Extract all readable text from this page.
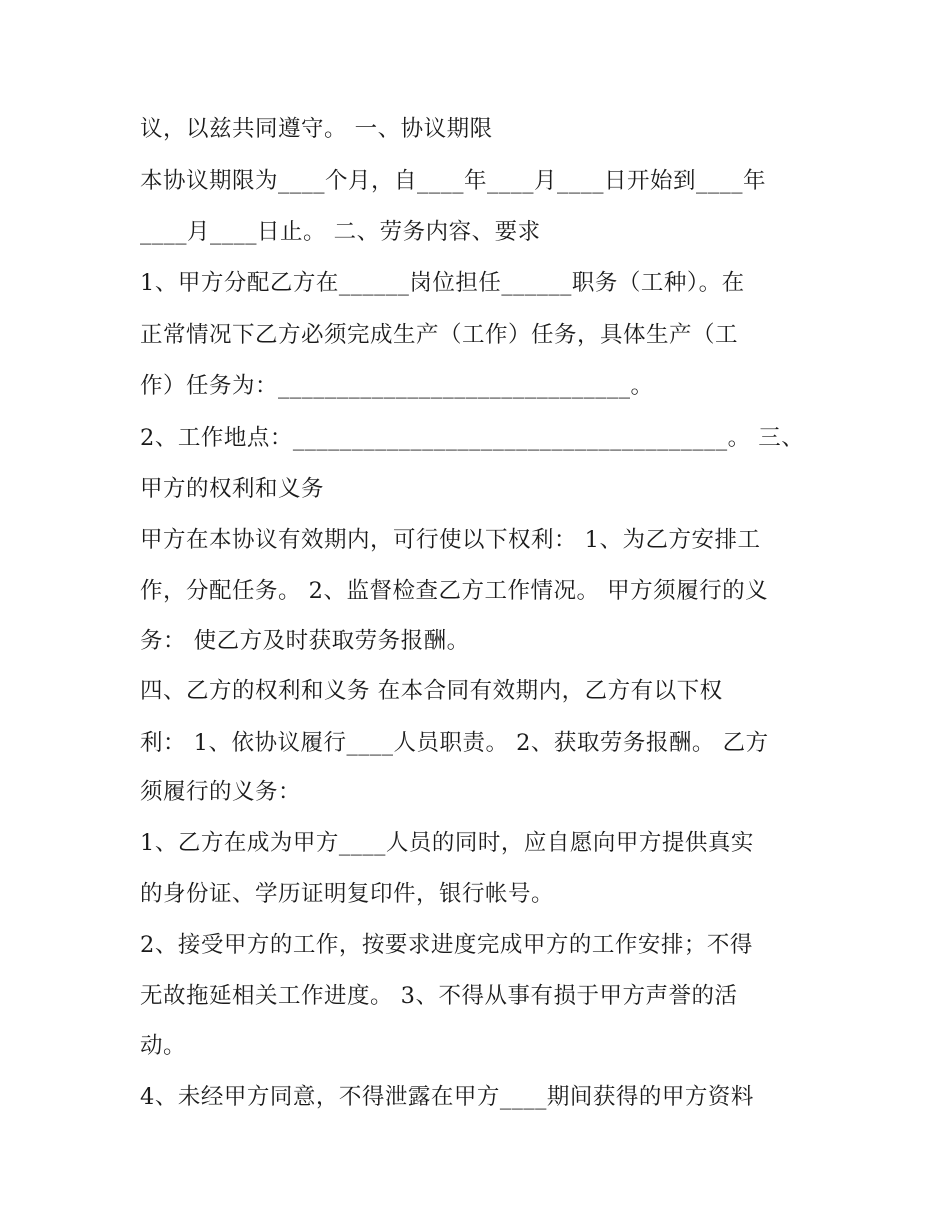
议，以兹共同遵守。 一、协议期限
本协议期限为____个月，自____年____月____日开始到____年
____月____日止。 二、劳务内容、要求
1、甲方分配乙方在______岗位担任______职务（工种）。在
正常情况下乙方必须完成生产（工作）任务，具体生产（工
作）任务为：______________________________。
2、工作地点：_____________________________________。 三、
甲方的权利和义务
甲方在本协议有效期内，可行使以下权利： 1、为乙方安排工
作，分配任务。 2、监督检查乙方工作情况。 甲方须履行的义
务： 使乙方及时获取劳务报酬。
四、乙方的权利和义务 在本合同有效期内，乙方有以下权
利： 1、依协议履行____人员职责。 2、获取劳务报酬。 乙方
须履行的义务：
1、乙方在成为甲方____人员的同时，应自愿向甲方提供真实
的身份证、学历证明复印件，银行帐号。
2、接受甲方的工作，按要求进度完成甲方的工作安排；不得
无故拖延相关工作进度。 3、不得从事有损于甲方声誉的活
动。
4、未经甲方同意，不得泄露在甲方____期间获得的甲方资料
